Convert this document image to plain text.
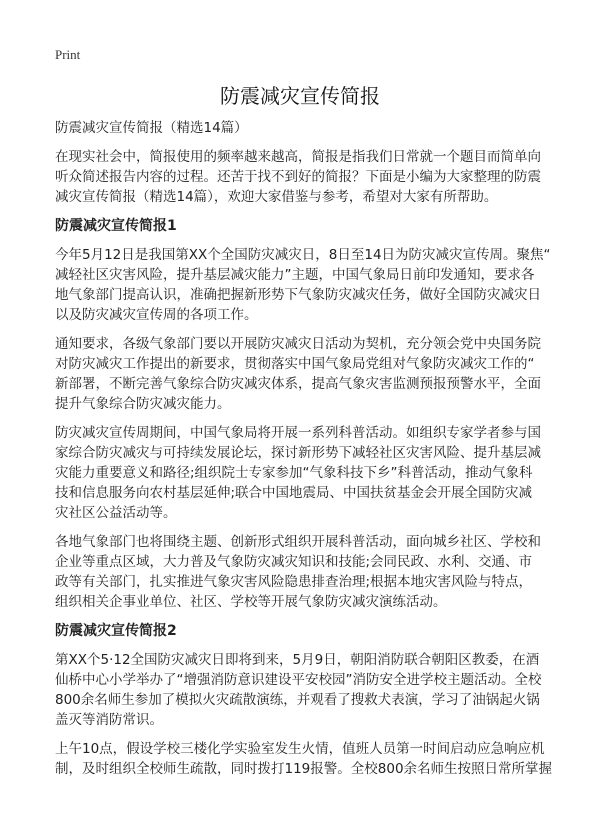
Print
防震减灾宣传简报
防震减灾宣传简报（精选14篇）

在现实社会中，简报使用的频率越来越高，简报是指我们日常就一个题目而简单向
听众简述报告内容的过程。还苦于找不到好的简报？下面是小编为大家整理的防震
减灾宣传简报（精选14篇），欢迎大家借鉴与参考，希望对大家有所帮助。

防震减灾宣传简报1

今年5月12日是我国第XX个全国防灾减灾日，8日至14日为防灾减灾宣传周。聚焦“
减轻社区灾害风险，提升基层减灾能力”主题，中国气象局日前印发通知，要求各
地气象部门提高认识，准确把握新形势下气象防灾减灾任务，做好全国防灾减灾日
以及防灾减灾宣传周的各项工作。

通知要求，各级气象部门要以开展防灾减灾日活动为契机，充分领会党中央国务院
对防灾减灾工作提出的新要求，贯彻落实中国气象局党组对气象防灾减灾工作的“
新部署，不断完善气象综合防灾减灾体系，提高气象灾害监测预报预警水平，全面
提升气象综合防灾减灾能力。

防灾减灾宣传周期间，中国气象局将开展一系列科普活动。如组织专家学者参与国
家综合防灾减灾与可持续发展论坛，探讨新形势下减轻社区灾害风险、提升基层减
灾能力重要意义和路径;组织院士专家参加“气象科技下乡”科普活动，推动气象科
技和信息服务向农村基层延伸;联合中国地震局、中国扶贫基金会开展全国防灾减
灾社区公益活动等。

各地气象部门也将围绕主题、创新形式组织开展科普活动，面向城乡社区、学校和
企业等重点区域，大力普及气象防灾减灾知识和技能;会同民政、水利、交通、市
政等有关部门，扎实推进气象灾害风险隐患排查治理;根据本地灾害风险与特点，
组织相关企事业单位、社区、学校等开展气象防灾减灾演练活动。

防震减灾宣传简报2

第XX个5·12全国防灾减灾日即将到来，5月9日，朝阳消防联合朝阳区教委，在酒
仙桥中心小学举办了“增强消防意识建设平安校园”消防安全进学校主题活动。全校
800余名师生参加了模拟火灾疏散演练，并观看了搜救犬表演，学习了油锅起火锅
盖灭等消防常识。

上午10点，假设学校三楼化学实验室发生火情，值班人员第一时间启动应急响应机
制，及时组织全校师生疏散，同时拨打119报警。全校800余名师生按照日常所掌握
